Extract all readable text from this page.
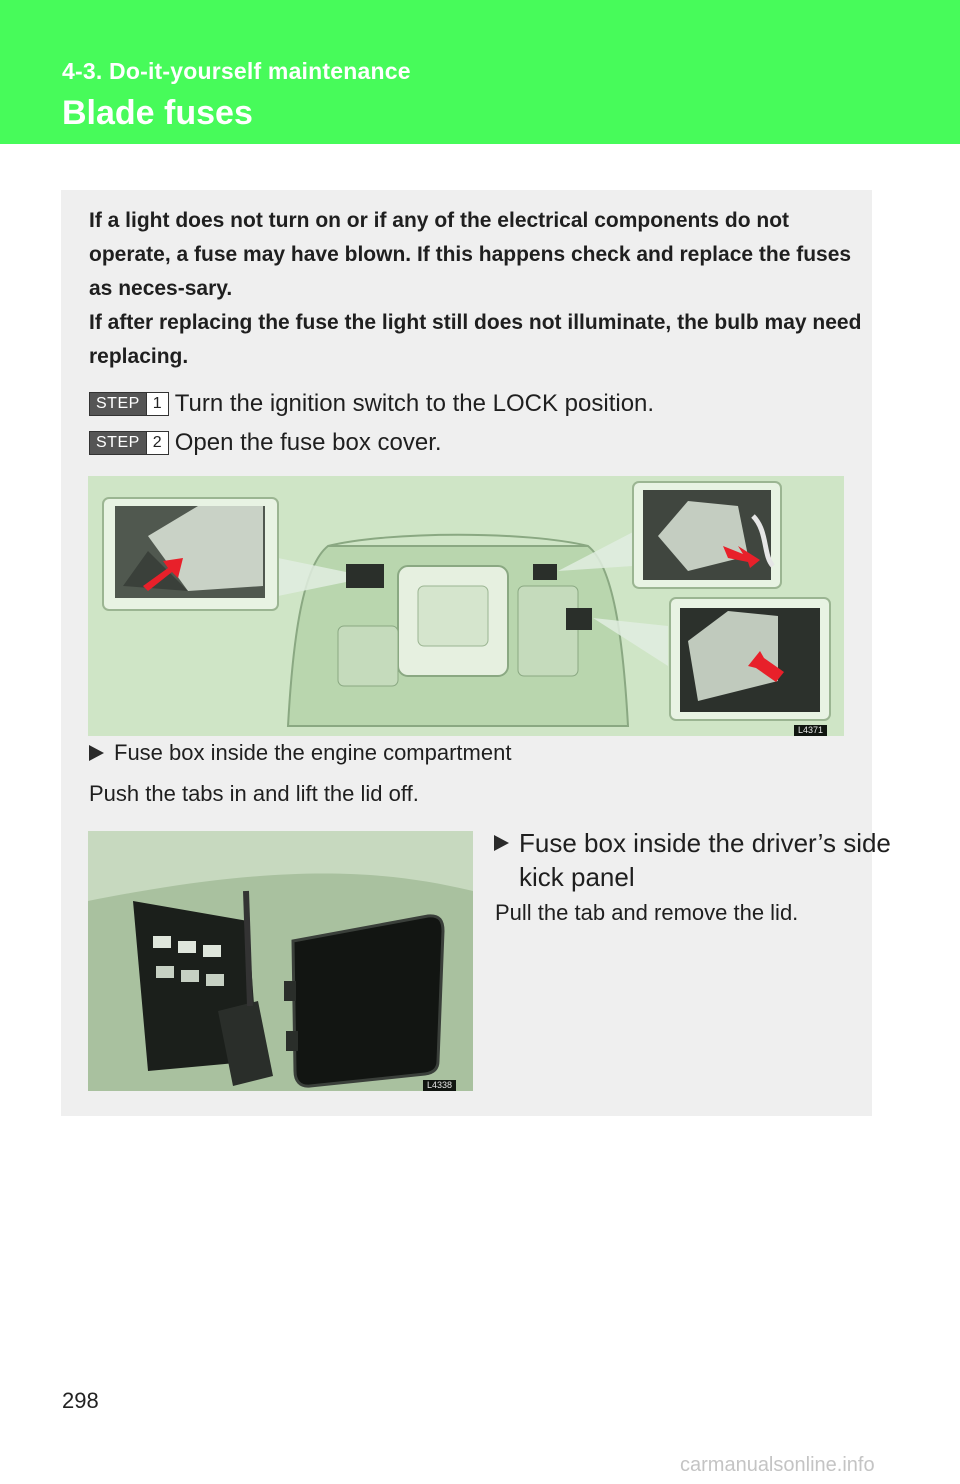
4-3. Do-it-yourself maintenance
Blade fuses

If a light does not turn on or if any of the electrical components do not operate, a fuse may have blown. If this happens check and replace the fuses as neces-sary.

If after replacing the fuse the light still does not illuminate, the bulb may need replacing.

STEP 1 Turn the ignition switch to the LOCK position.
STEP 2 Open the fuse box cover.
L4371
Fuse box inside the engine compartment
Push the tabs in and lift the lid off.
L4338
Fuse box inside the driver’s side
kick panel
Pull the tab and remove the lid.
298
carmanualsonline.info
